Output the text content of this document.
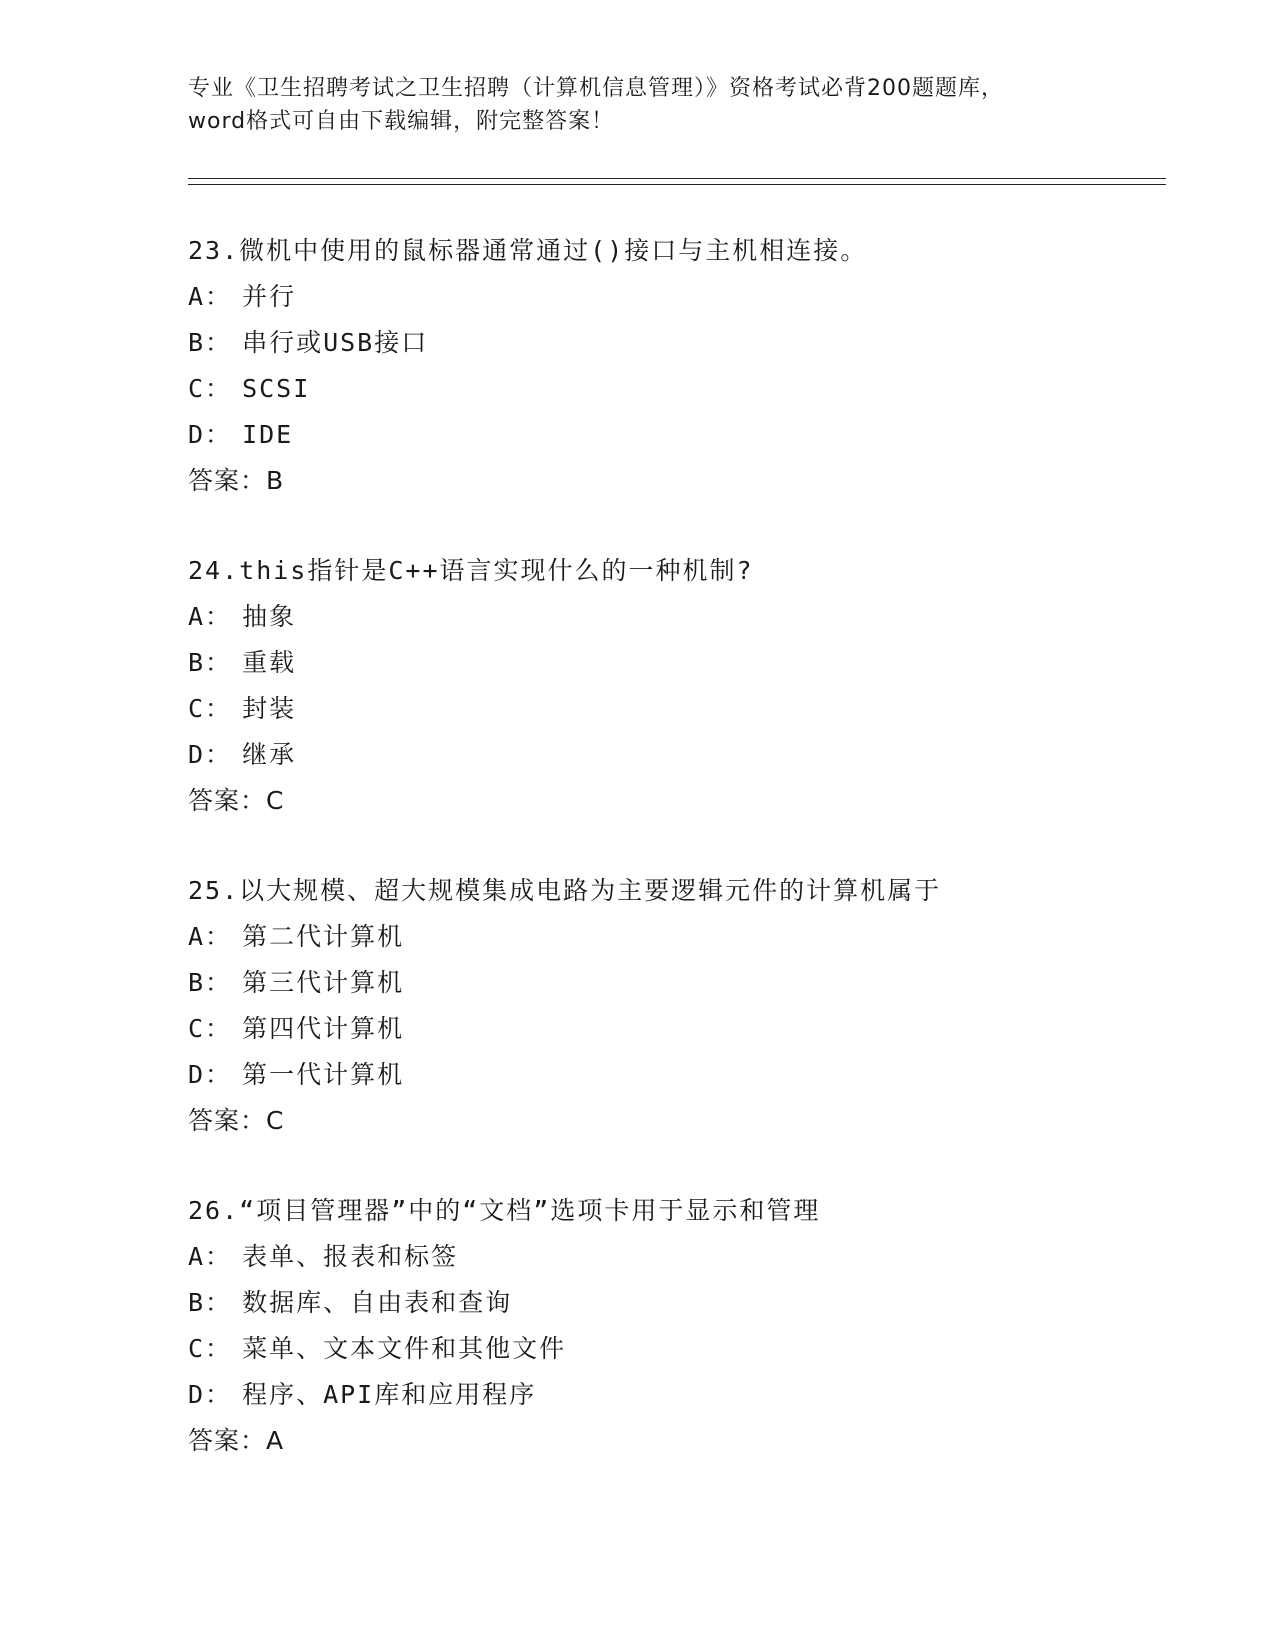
专业《卫生招聘考试之卫生招聘（计算机信息管理）》资格考试必背200题题库，
word格式可自由下载编辑，附完整答案！
23.微机中使用的鼠标器通常通过()接口与主机相连接。
A： 并行
B： 串行或USB接口
C： SCSI
D： IDE
答案：B
24.this指针是C++语言实现什么的一种机制?
A： 抽象
B： 重载
C： 封装
D： 继承
答案：C
25.以大规模、超大规模集成电路为主要逻辑元件的计算机属于
A： 第二代计算机
B： 第三代计算机
C： 第四代计算机
D： 第一代计算机
答案：C
26.“项目管理器”中的“文档”选项卡用于显示和管理
A： 表单、报表和标签
B： 数据库、自由表和查询
C： 菜单、文本文件和其他文件
D： 程序、API库和应用程序
答案：A
